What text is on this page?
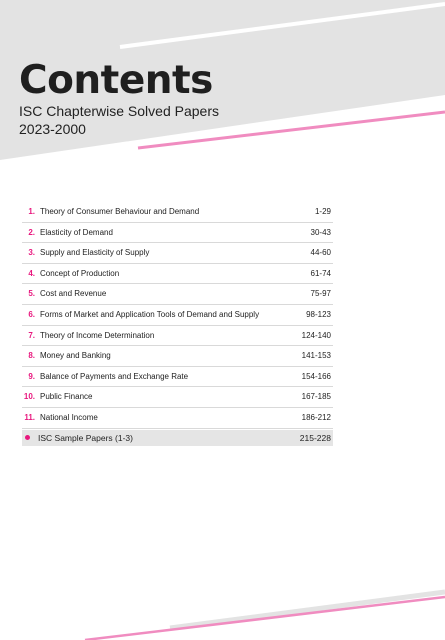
Contents
ISC Chapterwise Solved Papers
2023-2000
1. Theory of Consumer Behaviour and Demand	1-29
2. Elasticity of Demand	30-43
3. Supply and Elasticity of Supply	44-60
4. Concept of Production	61-74
5. Cost and Revenue	75-97
6. Forms of Market and Application Tools of Demand and Supply	98-123
7. Theory of Income Determination	124-140
8. Money and Banking	141-153
9. Balance of Payments and Exchange Rate	154-166
10. Public Finance	167-185
11. National Income	186-212
ISC Sample Papers (1-3)	215-228
